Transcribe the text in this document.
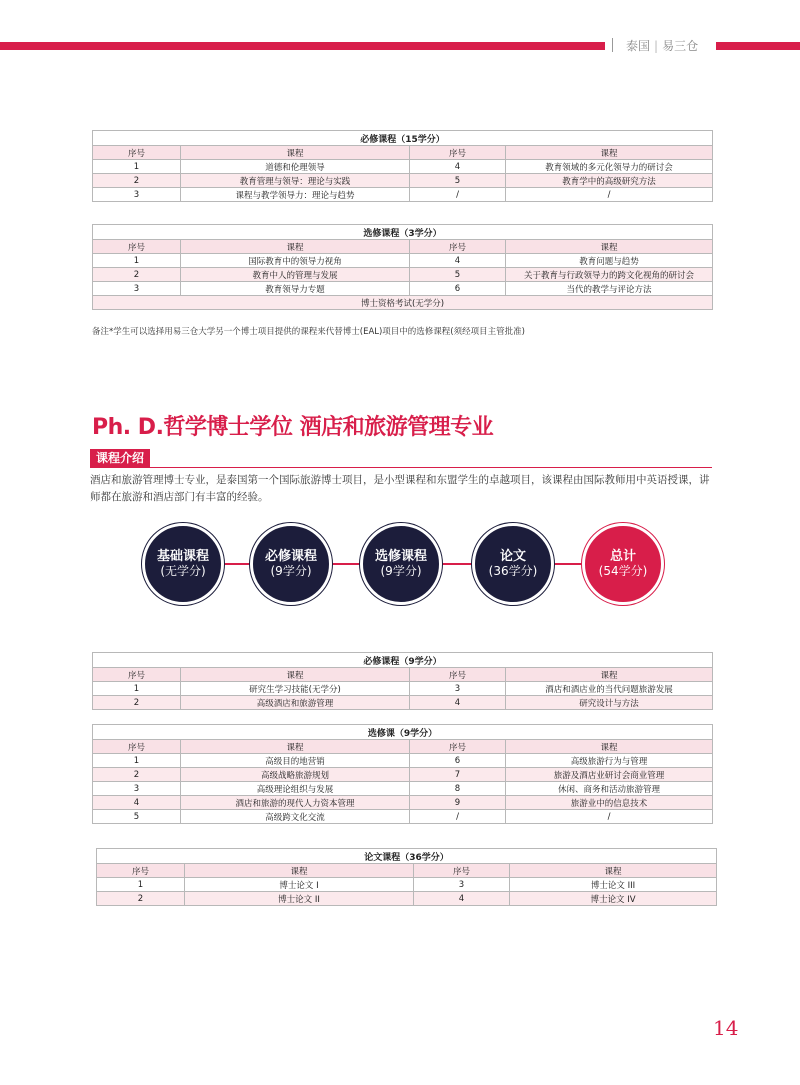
泰国 | 易三仓
必修课程（15学分）			
序号	课程	序号	课程
1	道德和伦理领导	4	教育领域的多元化领导力的研讨会
2	教育管理与领导：理论与实践	5	教育学中的高级研究方法
3	课程与教学领导力：理论与趋势	/	/
选修课程（3学分）			
序号	课程	序号	课程
1	国际教育中的领导力视角	4	教育问题与趋势
2	教育中人的管理与发展	5	关于教育与行政领导力的跨文化视角的研讨会
3	教育领导力专题	6	当代的教学与评论方法
博士资格考试(无学分)			
备注*学生可以选择用易三仓大学另一个博士项目提供的课程来代替博士(EAL)项目中的选修课程(须经项目主管批准)
Ph. D.哲学博士学位 酒店和旅游管理专业
课程介绍
酒店和旅游管理博士专业，是泰国第一个国际旅游博士项目，是小型课程和东盟学生的卓越项目，该课程由国际教师用中英语授课，讲师都在旅游和酒店部门有丰富的经验。
基础课程
(无学分)
必修课程
(9学分)
选修课程
(9学分)
论文
(36学分)
总计
(54学分)
必修课程（9学分）			
序号	课程	序号	课程
1	研究生学习技能(无学分)	3	酒店和酒店业的当代问题旅游发展
2	高级酒店和旅游管理	4	研究设计与方法
选修课（9学分）			
序号	课程	序号	课程
1	高级目的地营销	6	高级旅游行为与管理
2	高级战略旅游规划	7	旅游及酒店业研讨会商业管理
3	高级理论组织与发展	8	休闲、商务和活动旅游管理
4	酒店和旅游的现代人力资本管理	9	旅游业中的信息技术
5	高级跨文化交流	/	/
论文课程（36学分）			
序号	课程	序号	课程
1	博士论文 I	3	博士论文 III
2	博士论文 II	4	博士论文 IV
14
